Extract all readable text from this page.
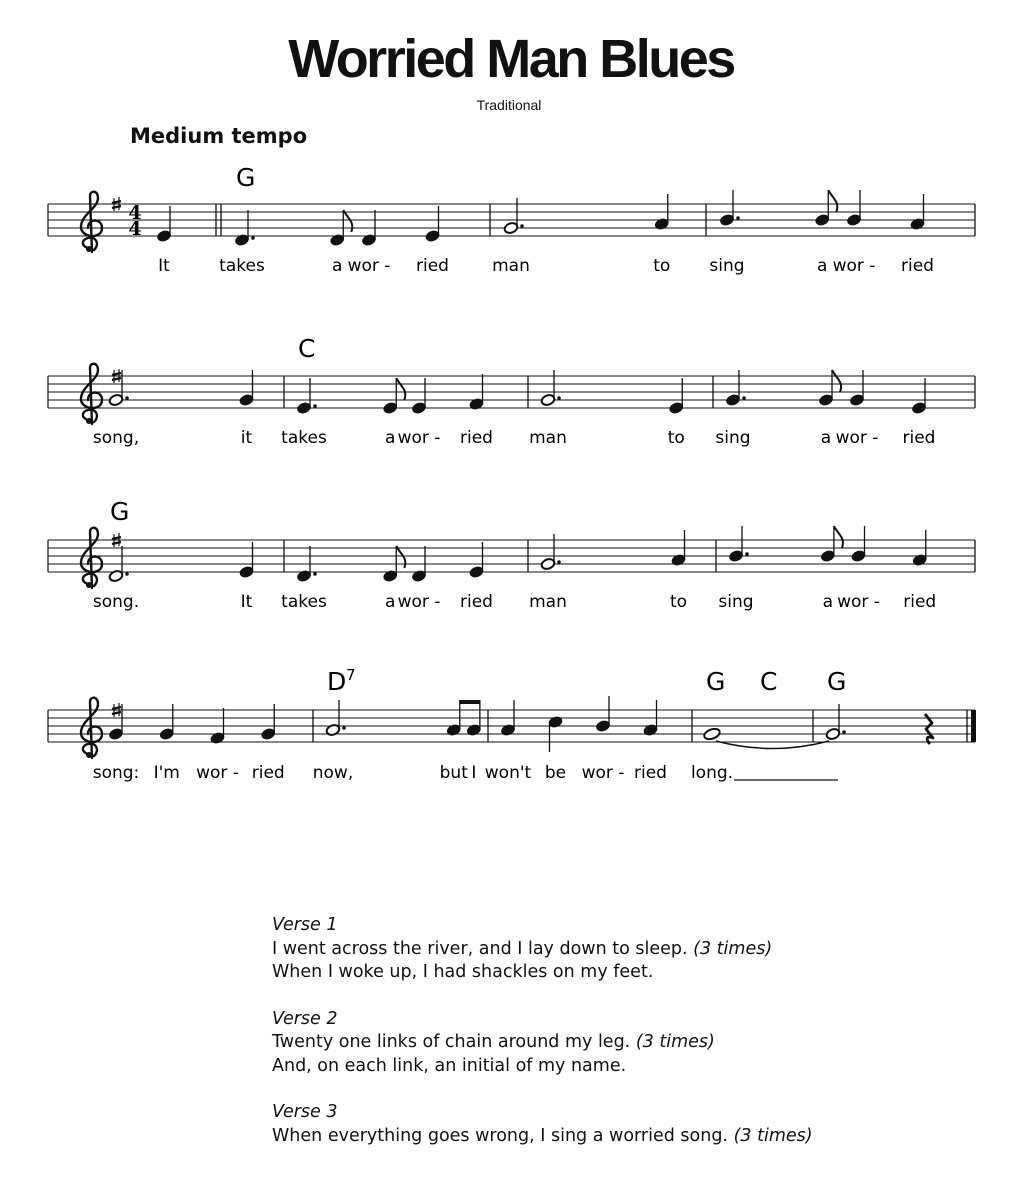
Worried Man Blues
Traditional
Medium tempo
4
4
It	takes	a wor - ried	man	to sing	a wor - ried
G
song,	it takes	a wor - ried man	to sing	a wor - ried
C
song.	It takes	a wor - ried man	to sing	a wor - ried
G
song: I'm wor - ried now,	but I won't be wor - ried long.
D 7	G C G
Verse 1
I went across the river, and I lay down to sleep. (3 times)
When I woke up, I had shackles on my feet.
Verse 2
Twenty one links of chain around my leg. (3 times)
And, on each link, an initial of my name.
Verse 3
When everything goes wrong, I sing a worried song. (3 times)
